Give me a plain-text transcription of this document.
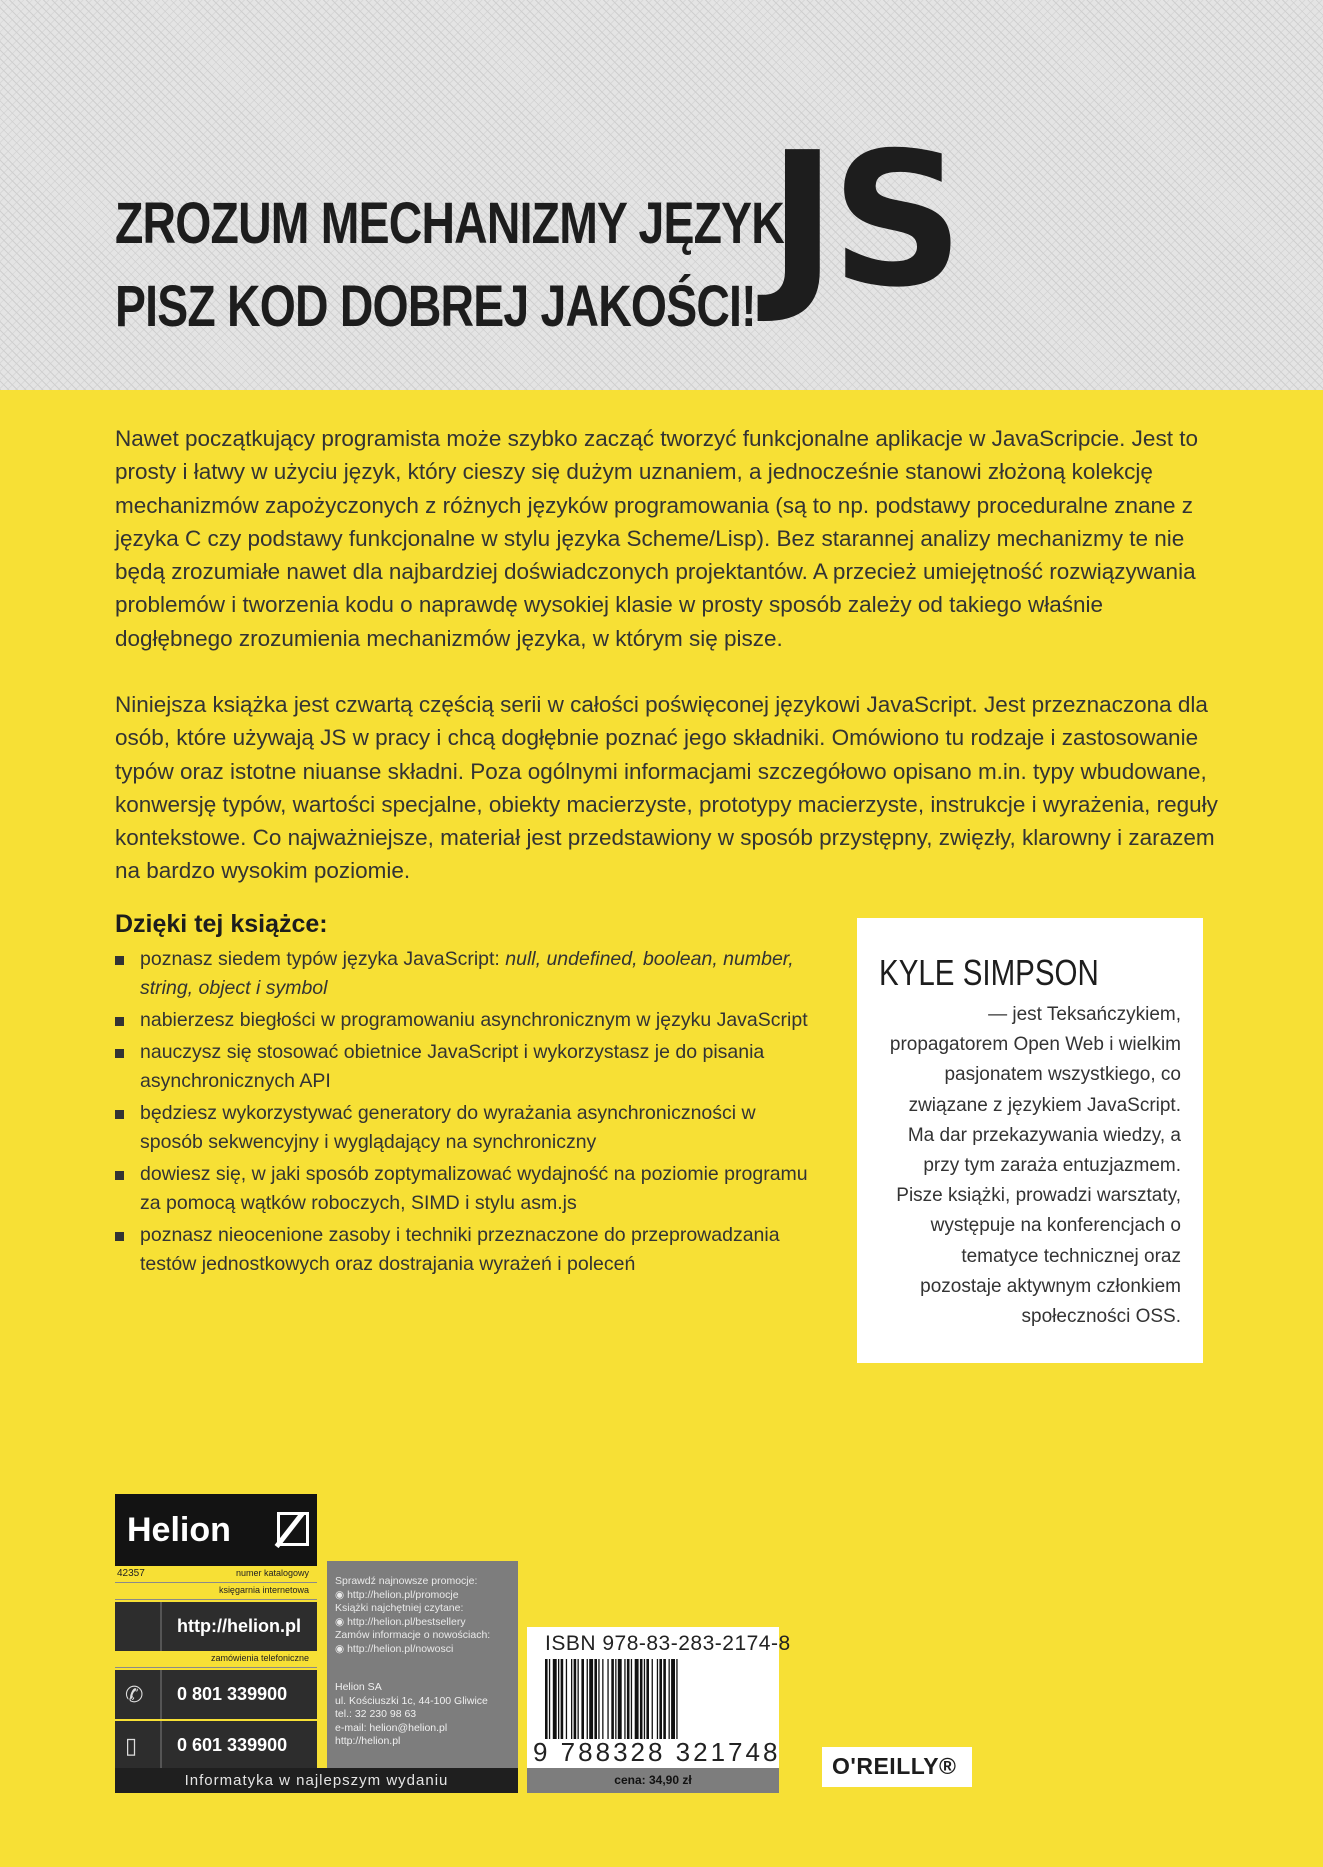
ZROZUM MECHANIZMY JĘZYKA
PISZ KOD DOBREJ JAKOŚCI! JS

Nawet początkujący programista może szybko zacząć tworzyć funkcjonalne aplikacje w JavaScripcie. Jest to prosty i łatwy w użyciu język, który cieszy się dużym uznaniem, a jednocześnie stanowi złożoną kolekcję mechanizmów zapożyczonych z różnych języków programowania (są to np. podstawy proceduralne znane z języka C czy podstawy funkcjonalne w stylu języka Scheme/Lisp). Bez starannej analizy mechanizmy te nie będą zrozumiałe nawet dla najbardziej doświadczonych projektantów. A przecież umiejętność rozwiązywania problemów i tworzenia kodu o naprawdę wysokiej klasie w prosty sposób zależy od takiego właśnie dogłębnego zrozumienia mechanizmów języka, w którym się pisze.

Niniejsza książka jest czwartą częścią serii w całości poświęconej językowi JavaScript. Jest przeznaczona dla osób, które używają JS w pracy i chcą dogłębnie poznać jego składniki. Omówiono tu rodzaje i zastosowanie typów oraz istotne niuanse składni. Poza ogólnymi informacjami szczegółowo opisano m.in. typy wbudowane, konwersję typów, wartości specjalne, obiekty macierzyste, prototypy macierzyste, instrukcje i wyrażenia, reguły kontekstowe. Co najważniejsze, materiał jest przedstawiony w sposób przystępny, zwięzły, klarowny i zarazem na bardzo wysokim poziomie.

Dzięki tej książce:
poznasz siedem typów języka JavaScript: null, undefined, boolean, number, string, object i symbol
nabierzesz biegłości w programowaniu asynchronicznym w języku JavaScript
nauczysz się stosować obietnice JavaScript i wykorzystasz je do pisania asynchronicznych API
będziesz wykorzystywać generatory do wyrażania asynchroniczności w sposób sekwencyjny i wyglądający na synchroniczny
dowiesz się, w jaki sposób zoptymalizować wydajność na poziomie programu za pomocą wątków roboczych, SIMD i stylu asm.js
poznasz nieocenione zasoby i techniki przeznaczone do przeprowadzania testów jednostkowych oraz dostrajania wyrażeń i poleceń
KYLE SIMPSON
— jest Teksańczykiem, propagatorem Open Web i wielkim pasjonatem wszystkiego, co związane z językiem JavaScript. Ma dar przekazywania wiedzy, a przy tym zaraża entuzjazmem. Pisze książki, prowadzi warsztaty, występuje na konferencjach o tematyce technicznej oraz pozostaje aktywnym członkiem społeczności OSS.
Helion
42357	numer katalogowy
księgarnia internetowa
http://helion.pl
zamówienia telefoniczne
✆ 0 801 339900
▯ 0 601 339900
Sprawdź najnowsze promocje:
◉ http://helion.pl/promocje
Książki najchętniej czytane:
◉ http://helion.pl/bestsellery
Zamów informacje o nowościach:
◉ http://helion.pl/nowosci
Helion SA
ul. Kościuszki 1c, 44-100 Gliwice
tel.: 32 230 98 63
e-mail: helion@helion.pl
http://helion.pl
ISBN 978-83-283-2174-8
9 788328 321748 O'REILLY®
Informatyka w najlepszym wydaniu	cena: 34,90 zł
